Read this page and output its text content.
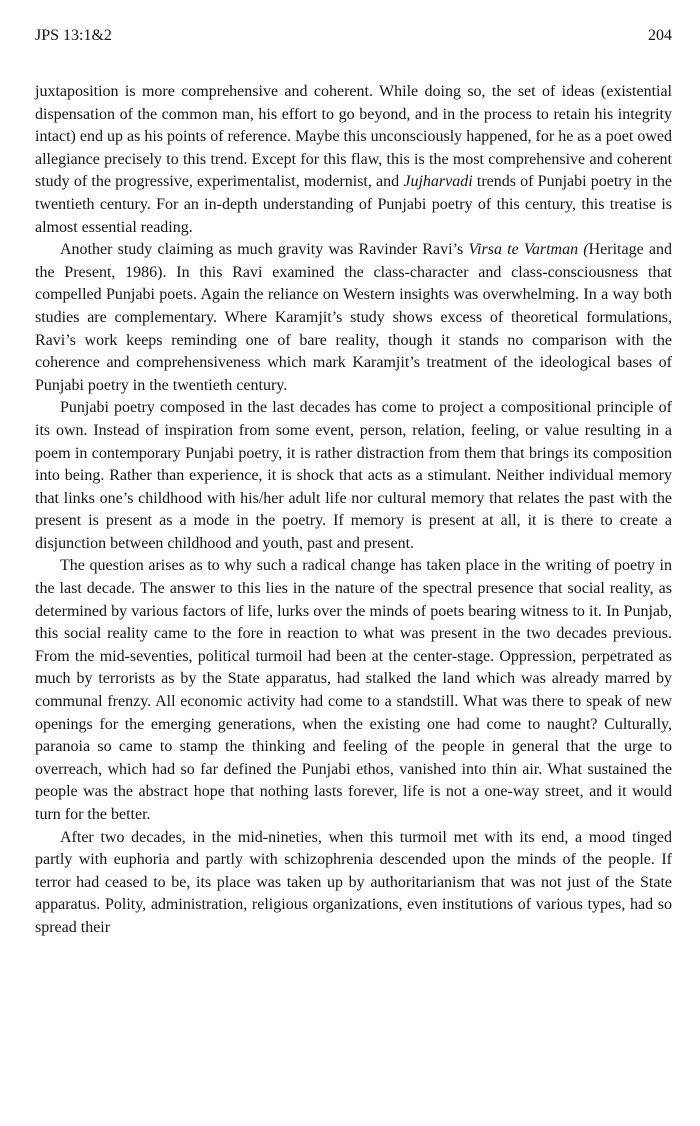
JPS 13:1&2	204

juxtaposition is more comprehensive and coherent. While doing so, the set of ideas (existential dispensation of the common man, his effort to go beyond, and in the process to retain his integrity intact) end up as his points of reference. Maybe this unconsciously happened, for he as a poet owed allegiance precisely to this trend. Except for this flaw, this is the most comprehensive and coherent study of the progressive, experimentalist, modernist, and Jujharvadi trends of Punjabi poetry in the twentieth century. For an in-depth understanding of Punjabi poetry of this century, this treatise is almost essential reading.

Another study claiming as much gravity was Ravinder Ravi’s Virsa te Vartman (Heritage and the Present, 1986). In this Ravi examined the class-character and class-consciousness that compelled Punjabi poets. Again the reliance on Western insights was overwhelming. In a way both studies are complementary. Where Karamjit’s study shows excess of theoretical formulations, Ravi’s work keeps reminding one of bare reality, though it stands no comparison with the coherence and comprehensiveness which mark Karamjit’s treatment of the ideological bases of Punjabi poetry in the twentieth century.

Punjabi poetry composed in the last decades has come to project a compositional principle of its own. Instead of inspiration from some event, person, relation, feeling, or value resulting in a poem in contemporary Punjabi poetry, it is rather distraction from them that brings its composition into being. Rather than experience, it is shock that acts as a stimulant. Neither individual memory that links one’s childhood with his/her adult life nor cultural memory that relates the past with the present is present as a mode in the poetry. If memory is present at all, it is there to create a disjunction between childhood and youth, past and present.

The question arises as to why such a radical change has taken place in the writing of poetry in the last decade. The answer to this lies in the nature of the spectral presence that social reality, as determined by various factors of life, lurks over the minds of poets bearing witness to it. In Punjab, this social reality came to the fore in reaction to what was present in the two decades previous. From the mid-seventies, political turmoil had been at the center-stage. Oppression, perpetrated as much by terrorists as by the State apparatus, had stalked the land which was already marred by communal frenzy. All economic activity had come to a standstill. What was there to speak of new openings for the emerging generations, when the existing one had come to naught? Culturally, paranoia so came to stamp the thinking and feeling of the people in general that the urge to overreach, which had so far defined the Punjabi ethos, vanished into thin air. What sustained the people was the abstract hope that nothing lasts forever, life is not a one-way street, and it would turn for the better.

After two decades, in the mid-nineties, when this turmoil met with its end, a mood tinged partly with euphoria and partly with schizophrenia descended upon the minds of the people. If terror had ceased to be, its place was taken up by authoritarianism that was not just of the State apparatus. Polity, administration, religious organizations, even institutions of various types, had so spread their
